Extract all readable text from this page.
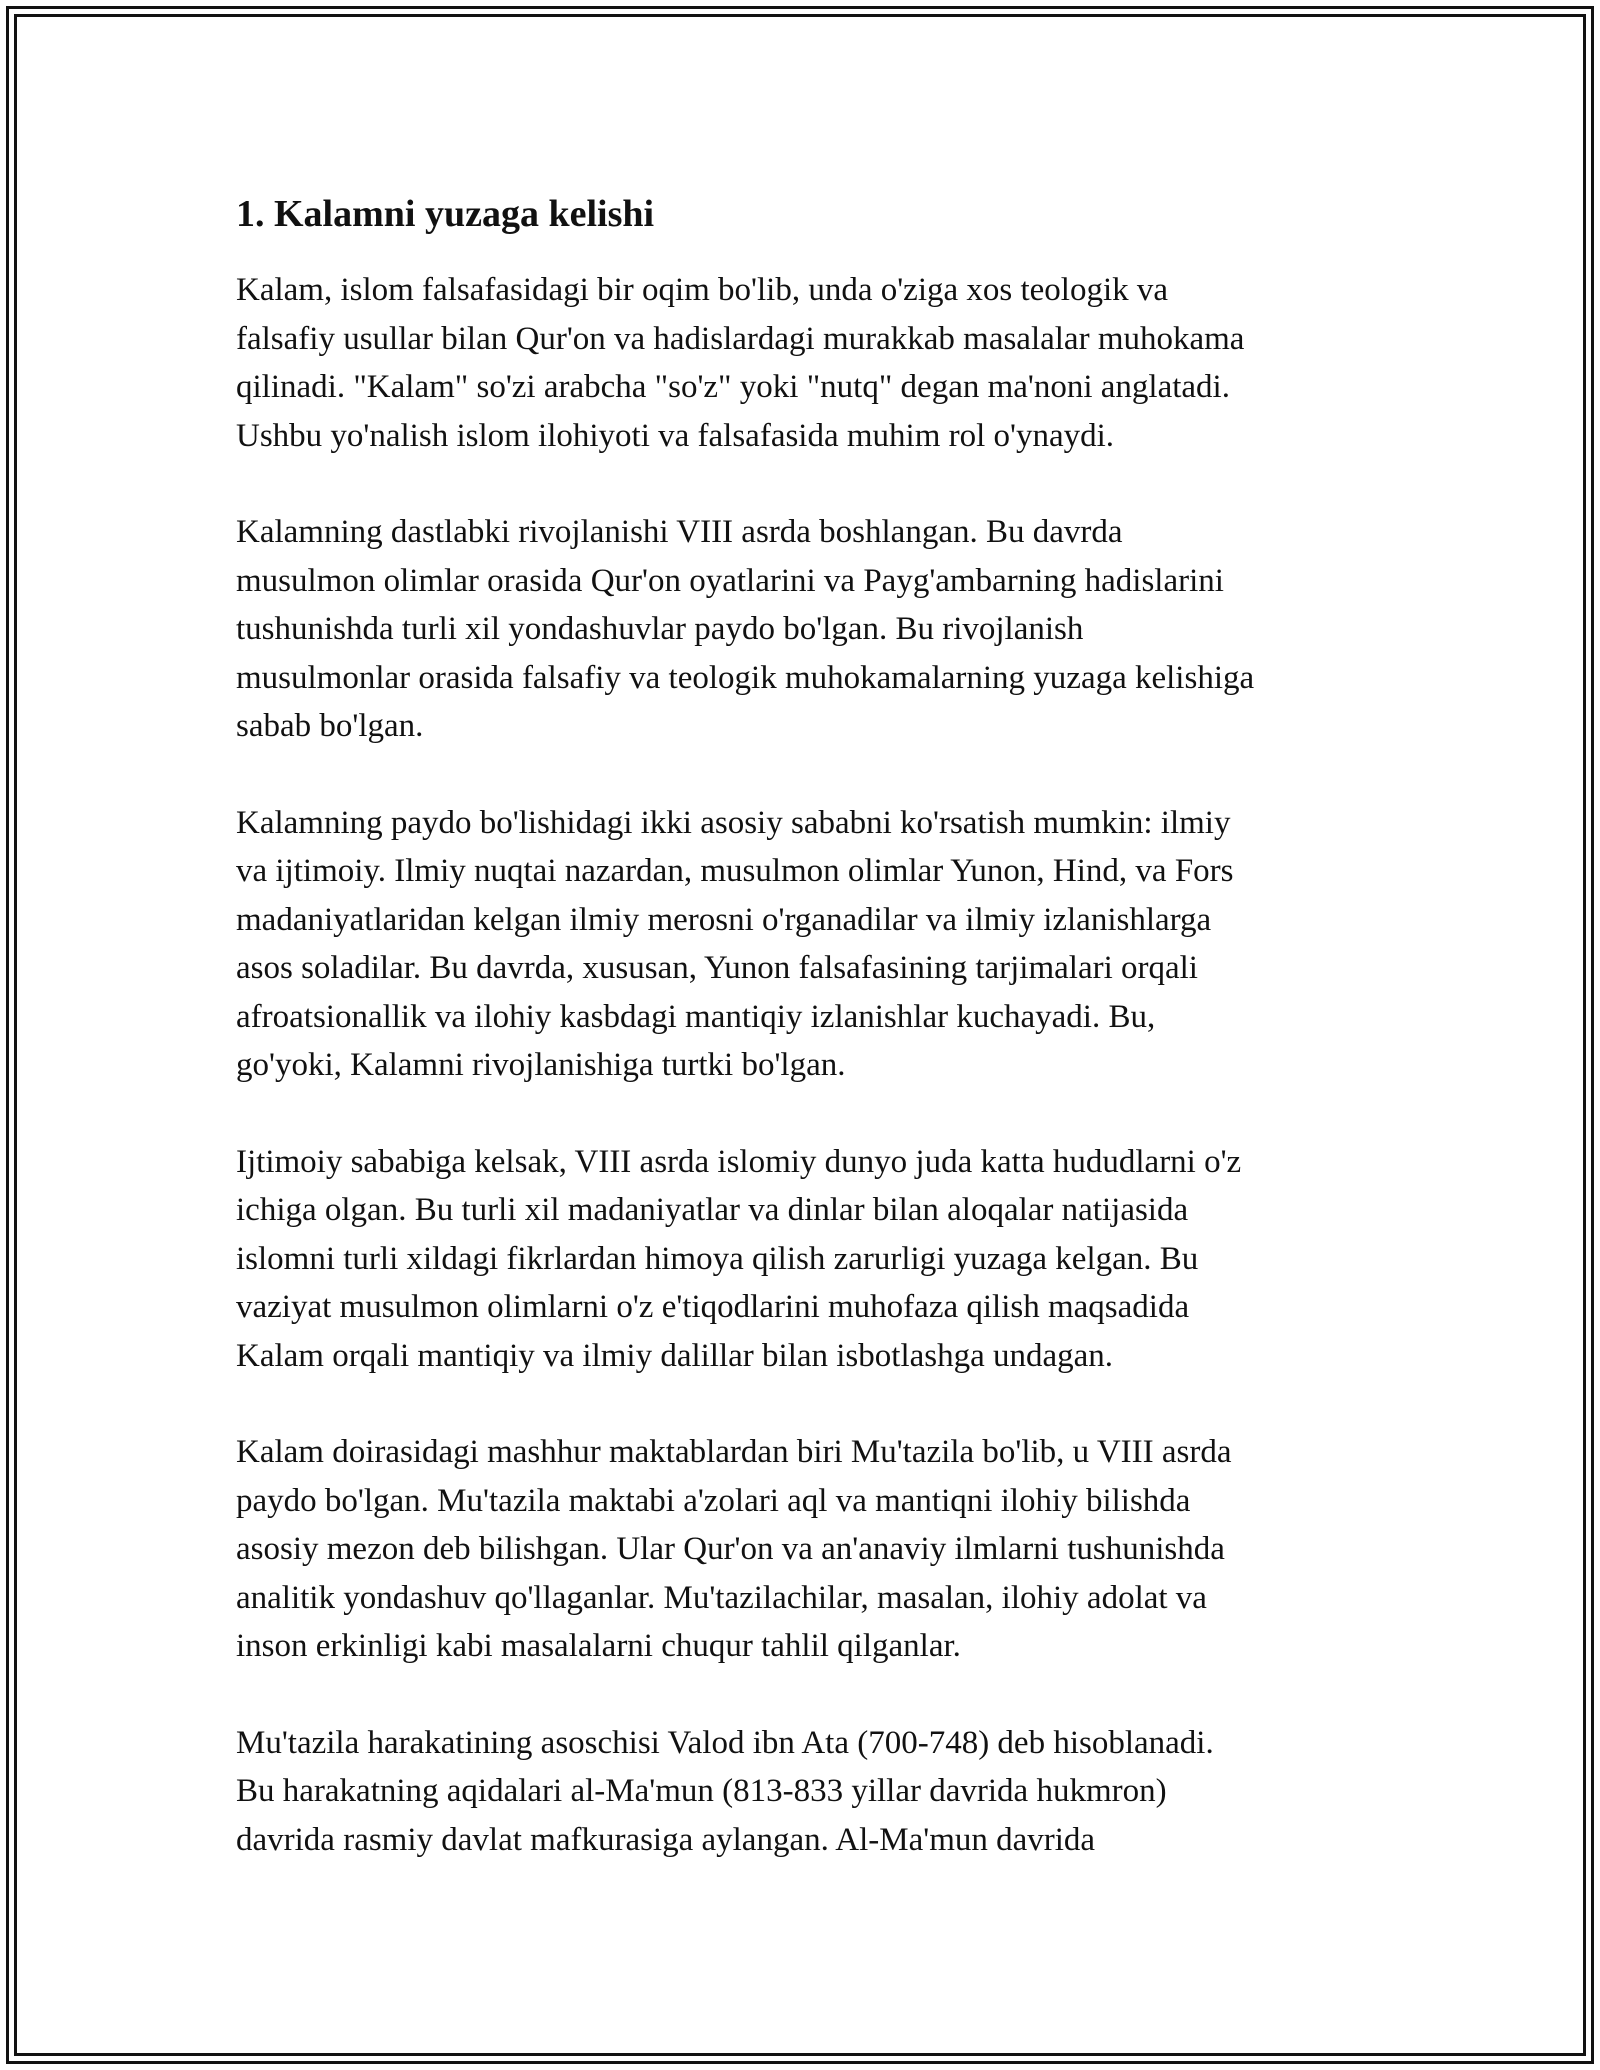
1. Kalamni yuzaga kelishi

Kalam, islom falsafasidagi bir oqim bo'lib, unda o'ziga xos teologik va
falsafiy usullar bilan Qur'on va hadislardagi murakkab masalalar muhokama
qilinadi. "Kalam" so'zi arabcha "so'z" yoki "nutq" degan ma'noni anglatadi.
Ushbu yo'nalish islom ilohiyoti va falsafasida muhim rol o'ynaydi.

Kalamning dastlabki rivojlanishi VIII asrda boshlangan. Bu davrda
musulmon olimlar orasida Qur'on oyatlarini va Payg'ambarning hadislarini
tushunishda turli xil yondashuvlar paydo bo'lgan. Bu rivojlanish
musulmonlar orasida falsafiy va teologik muhokamalarning yuzaga kelishiga
sabab bo'lgan.

Kalamning paydo bo'lishidagi ikki asosiy sababni ko'rsatish mumkin: ilmiy
va ijtimoiy. Ilmiy nuqtai nazardan, musulmon olimlar Yunon, Hind, va Fors
madaniyatlaridan kelgan ilmiy merosni o'rganadilar va ilmiy izlanishlarga
asos soladilar. Bu davrda, xususan, Yunon falsafasining tarjimalari orqali
afroatsionallik va ilohiy kasbdagi mantiqiy izlanishlar kuchayadi. Bu,
go'yoki, Kalamni rivojlanishiga turtki bo'lgan.

Ijtimoiy sababiga kelsak, VIII asrda islomiy dunyo juda katta hududlarni o'z
ichiga olgan. Bu turli xil madaniyatlar va dinlar bilan aloqalar natijasida
islomni turli xildagi fikrlardan himoya qilish zarurligi yuzaga kelgan. Bu
vaziyat musulmon olimlarni o'z e'tiqodlarini muhofaza qilish maqsadida
Kalam orqali mantiqiy va ilmiy dalillar bilan isbotlashga undagan.

Kalam doirasidagi mashhur maktablardan biri Mu'tazila bo'lib, u VIII asrda
paydo bo'lgan. Mu'tazila maktabi a'zolari aql va mantiqni ilohiy bilishda
asosiy mezon deb bilishgan. Ular Qur'on va an'anaviy ilmlarni tushunishda
analitik yondashuv qo'llaganlar. Mu'tazilachilar, masalan, ilohiy adolat va
inson erkinligi kabi masalalarni chuqur tahlil qilganlar.

Mu'tazila harakatining asoschisi Valod ibn Ata (700-748) deb hisoblanadi.
Bu harakatning aqidalari al-Ma'mun (813-833 yillar davrida hukmron)
davrida rasmiy davlat mafkurasiga aylangan. Al-Ma'mun davrida
